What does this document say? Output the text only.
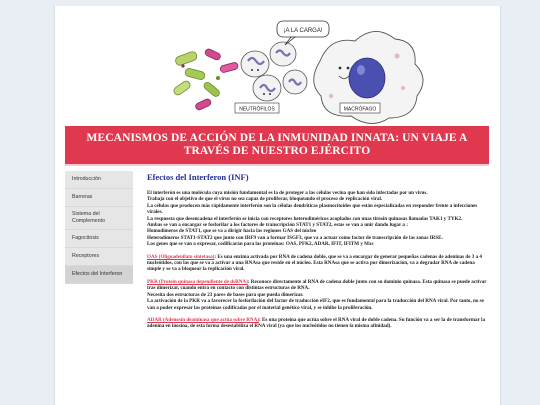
¡A LA CARGA!
NEUTRÓFILOS	MACRÓFAGO
MECANISMOS DE ACCIÓN DE LA INMUNIDAD INNATA: UN VIAJE A TRAVÉS DE NUESTRO EJÉRCITO
Introducción
Barreras
Sistema del Complemento
Fagocitosis
Receptores
Efectos del Interferon
Efectos del Interferon (INF)

El interferón es una molécula cuya misión fundamental es la de proteger a las células vecina que han sido infectadas por un virus.

Trabaja con el objetivo de que el virus no sea capaz de proliferar, bloqueando el proceso de replicación viral.

La células que producen más rápidamente interferón son la células dendríticas plasmocitoides que están especializadas en responder frente a infecciones virales.

La respuesta que desencadena el interferón se inicia con receptores heterodiméricos acoplados con unas tirosin quinasas llamadas TAK1 y TYK2.

Ambas se van a encargar se fosforilar a los factores de transcripción STAT1 y STAT2, estas se van a unir dando lugar a :

Homodímeros de STAT1, que se va a dirigir hacia las regiones GAS del núcleo

Heterodímeros STAT1-STAT2 que junto con IRF9 van a formar ISGF3, que va a actuar como factor de transcripción de las zonas IRSE.

Los genes que se van a expresar, codificarán para las proteínas: OAS, PFK2, ADAR, IFIT, IFITM y Mxs

OAS (Oligoadenilato sintetasa): Es una enzima activada por RNA de cadena doble, que se va a encargar de generar pequeñas cadenas de adeninas de 3 a 4 nucleótidos, con las que se va a activar a una RNAsa que reside en el núcleo. Esta RNAsa que se activa por dimerización, va a degradar RNA de cadena simple y se va a bloquear la replicación viral.

PKR (Proteín quinasa dependiente de dsRNA): Reconoce directamente al RNA de cadena doble junto con su dominio quinasa. Esta quinasa se puede activar tras dimerizar, cuando entra en contacto con distintas estructuras de RNA.

Necesita dos estructuras de 23 pares de bases para que pueda dimerizar.

La activación de la PKR va a favorecer la fosforilación del factor de traducción eIF2, que es fundamental para la traducción del RNA viral. Por tanto, no se van a poder expresar las proteínas codificadas por el material genético viral, y se inhibe la proliferación.

ADAR (Adenosín deaminasa que actúa sobre RNA): Es una proteína que actúa sobre el RNA viral de doble cadena. Su función va a ser la de transformar la adenina en inosina, de esta forma desestabiliza el RNA viral (ya que los nucleótidos no tienen la misma afinidad).
